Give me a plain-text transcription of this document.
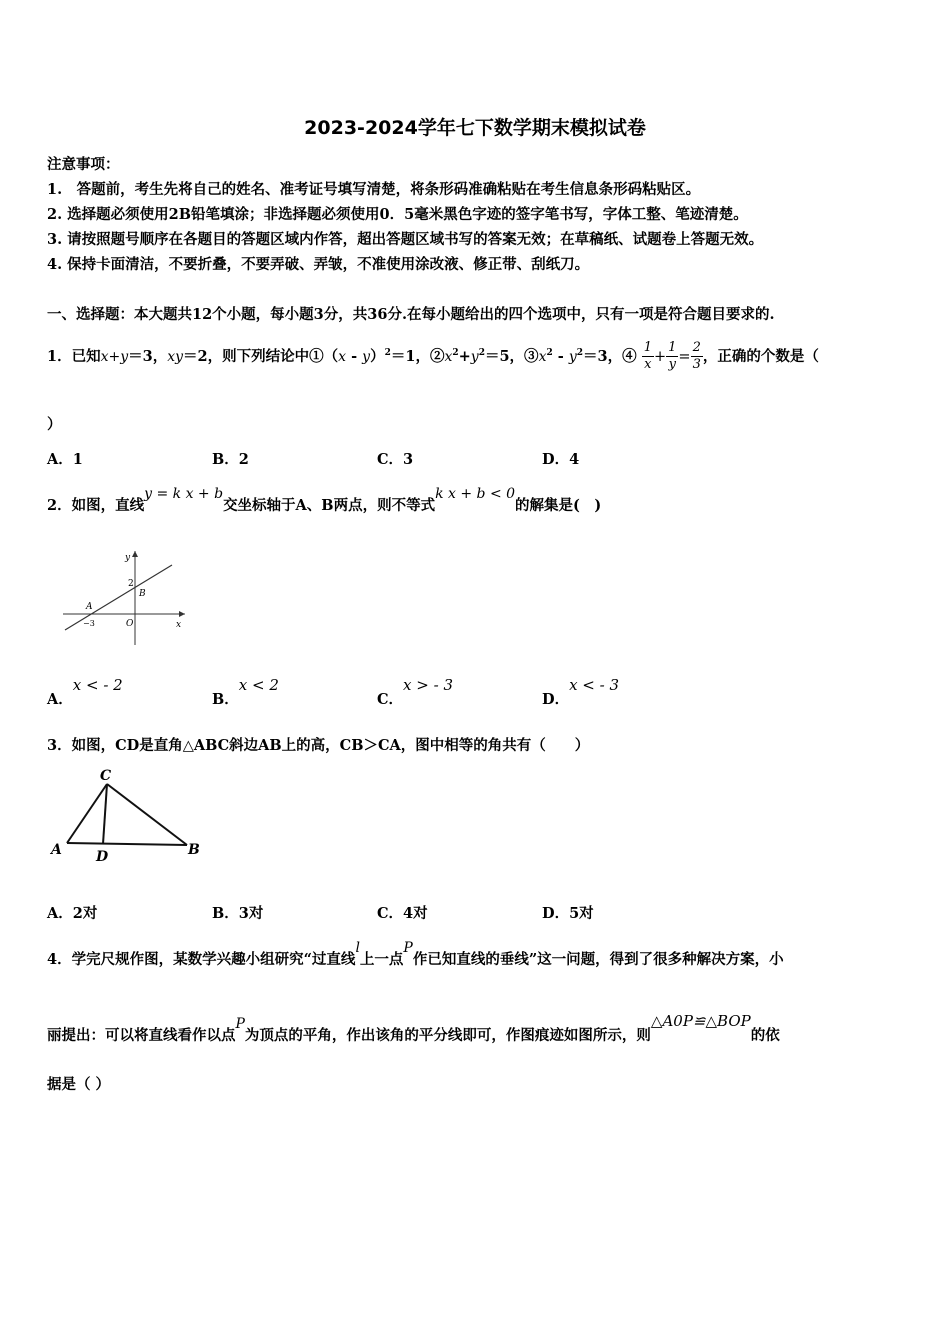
2023-2024学年七下数学期末模拟试卷
注意事项：
1.　答题前，考生先将自己的姓名、准考证号填写清楚，将条形码准确粘贴在考生信息条形码粘贴区。
2. 选择题必须使用2B铅笔填涂；非选择题必须使用0．5毫米黑色字迹的签字笔书写，字体工整、笔迹清楚。
3. 请按照题号顺序在各题目的答题区域内作答，超出答题区域书写的答案无效；在草稿纸、试题卷上答题无效。
4. 保持卡面清洁，不要折叠，不要弄破、弄皱，不准使用涂改液、修正带、刮纸刀。
一、选择题：本大题共12个小题，每小题3分，共36分.在每小题给出的四个选项中，只有一项是符合题目要求的.
1．已知x+y＝3，xy＝2，则下列结论中①（x - y）$^2$＝1，$②x^2+y^2=5$，$③x^2 - y^2=3$，④ $\frac{1}{x} + \frac{1}{y} = \frac{2}{3}$ ，正确的个数是（
）
A．1	B．2	C．3	D．4
2．如图，直线y = k x + b交坐标轴于A、B两点，则不等式k x + b < 0的解集是(　)
y
x
2
B
A
−3	O
A．x < - 2
B．x < 2
C．x > - 3
D．x < - 3
3．如图，CD是直角△ABC斜边AB上的高，CB＞CA，图中相等的角共有（　　）
C
A D	B
A．2对	B．3对	C．4对	D．5对
4．学完尺规作图，某数学兴趣小组研究“过直线l上一点P作已知直线的垂线”这一问题，得到了很多种解决方案，小
丽提出：可以将直线看作以点P为顶点的平角，作出该角的平分线即可，作图痕迹如图所示，则△A0P≌△BOP的依
据是（ ）
